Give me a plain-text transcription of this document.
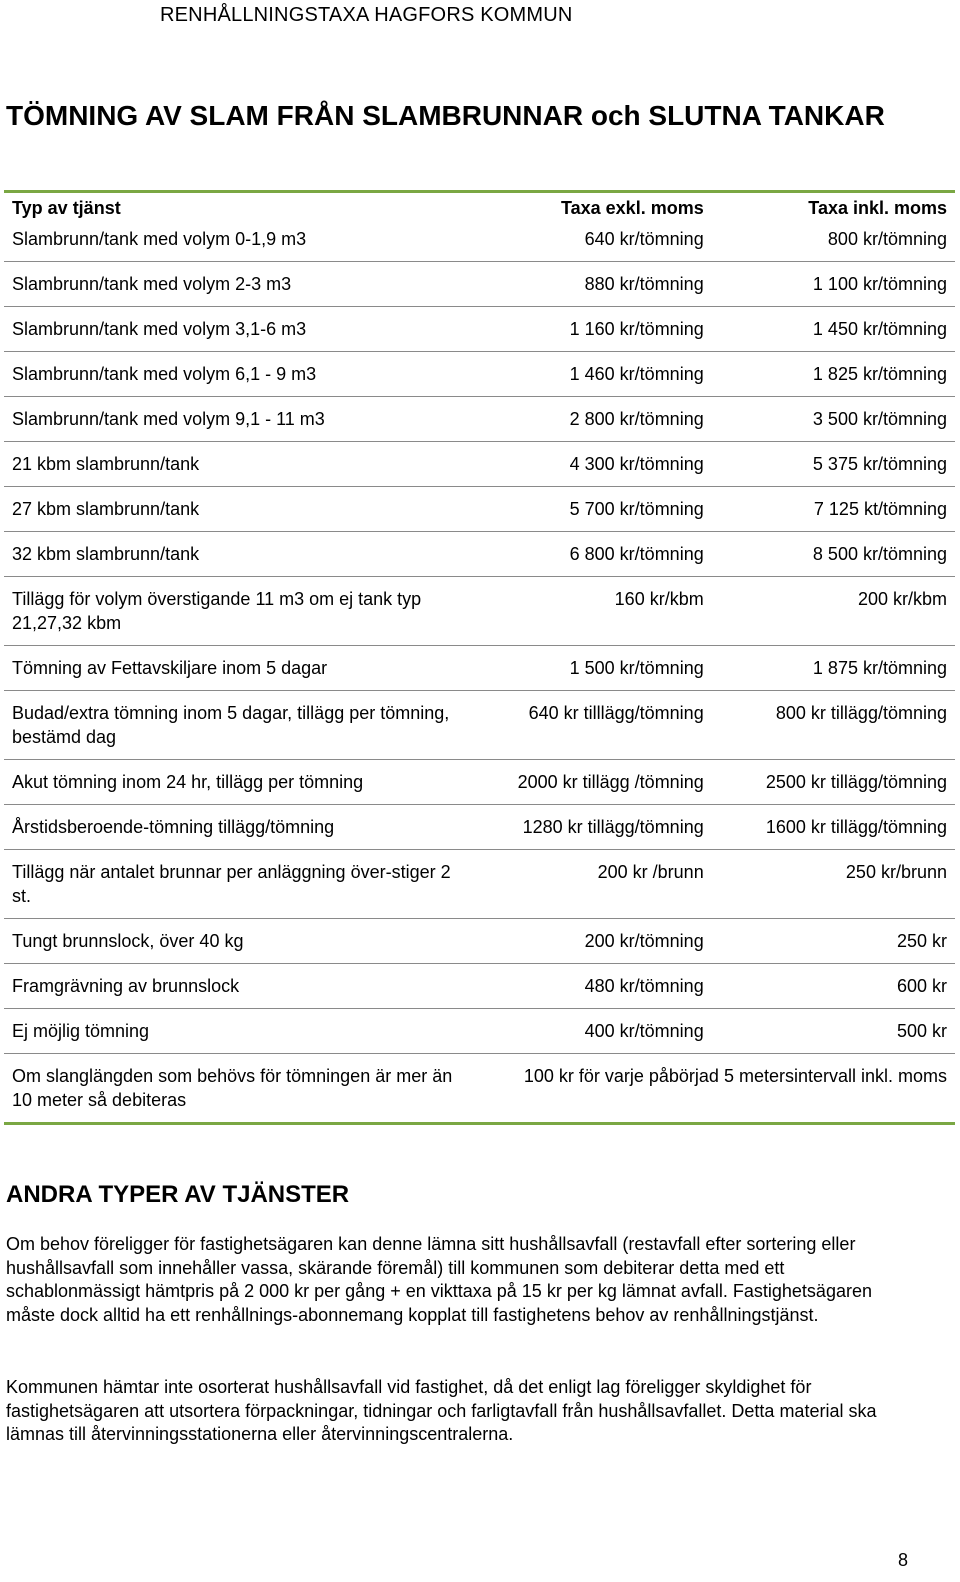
RENHÅLLNINGSTAXA HAGFORS KOMMUN
TÖMNING AV SLAM FRÅN SLAMBRUNNAR och SLUTNA TANKAR
Typ av tjänst	Taxa exkl. moms	Taxa inkl. moms
Slambrunn/tank med volym 0-1,9 m3	640 kr/tömning	800 kr/tömning
Slambrunn/tank med volym 2-3 m3	880 kr/tömning	1 100 kr/tömning
Slambrunn/tank med volym 3,1-6 m3	1 160 kr/tömning	1 450 kr/tömning
Slambrunn/tank med volym 6,1 - 9 m3	1 460 kr/tömning	1 825 kr/tömning
Slambrunn/tank med volym 9,1 - 11 m3	2 800 kr/tömning	3 500 kr/tömning
21 kbm slambrunn/tank	4 300 kr/tömning	5 375 kr/tömning
27 kbm slambrunn/tank	5 700 kr/tömning	7 125 kt/tömning
32 kbm slambrunn/tank	6 800 kr/tömning	8 500 kr/tömning
Tillägg för volym överstigande 11 m3 om ej tank typ 21,27,32 kbm	160 kr/kbm	200 kr/kbm
Tömning av Fettavskiljare inom 5 dagar	1 500 kr/tömning	1 875 kr/tömning
Budad/extra tömning inom 5 dagar, tillägg per tömning, bestämd dag	640 kr tilllägg/tömning	800 kr tillägg/tömning
Akut tömning inom 24 hr, tillägg per tömning	2000 kr tillägg /tömning	2500 kr tillägg/tömning
Årstidsberoende-tömning tillägg/tömning	1280 kr tillägg/tömning	1600 kr tillägg/tömning
Tillägg när antalet brunnar per anläggning över-stiger 2 st.	200 kr /brunn	250 kr/brunn
Tungt brunnslock, över 40 kg	200 kr/tömning	250 kr
Framgrävning av brunnslock	480 kr/tömning	600 kr
Ej möjlig tömning	400 kr/tömning	500 kr
Om slanglängden som behövs för tömningen är mer än 10 meter så debiteras	100 kr för varje påbörjad 5 metersintervall inkl. moms	
ANDRA TYPER AV TJÄNSTER

Om behov föreligger för fastighetsägaren kan denne lämna sitt hushållsavfall (restavfall efter sortering eller hushållsavfall som innehåller vassa, skärande föremål) till kommunen som debiterar detta med ett schablonmässigt hämtpris på 2 000 kr per gång + en vikttaxa på 15 kr per kg lämnat avfall. Fastighetsägaren måste dock alltid ha ett renhållnings-abonnemang kopplat till fastighetens behov av renhållningstjänst.

Kommunen hämtar inte osorterat hushållsavfall vid fastighet, då det enligt lag föreligger skyldighet för fastighetsägaren att utsortera förpackningar, tidningar och farligtavfall från hushållsavfallet. Detta material ska lämnas till återvinningsstationerna eller återvinningscentralerna.

8
